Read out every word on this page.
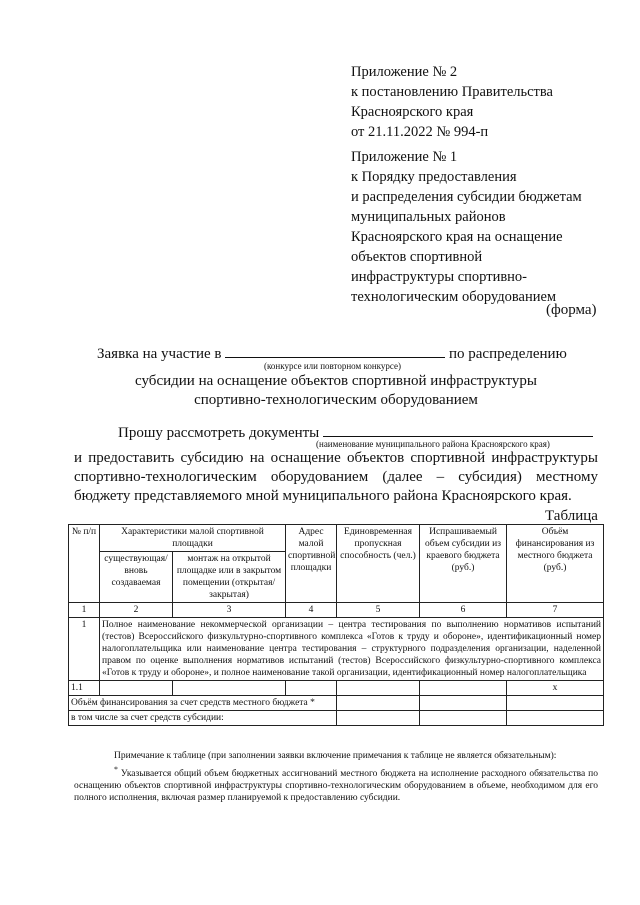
Приложение № 2
к постановлению Правительства
Красноярского края
от 21.11.2022 № 994-п
Приложение № 1
к Порядку предоставления
и распределения субсидии бюджетам
муниципальных районов
Красноярского края на оснащение
объектов спортивной
инфраструктуры спортивно-
технологическим оборудованием
(форма)
Заявка на участие в	по распределению
(конкурсе или повторном конкурсе)
субсидии на оснащение объектов спортивной инфраструктуры
спортивно-технологическим оборудованием
Прошу рассмотреть документы
(наименование муниципального района Красноярского края)
и предоставить субсидию на оснащение объектов спортивной инфраструктуры
спортивно-технологическим оборудованием (далее – субсидия) местному
бюджету представляемого мной муниципального района Красноярского края.
Таблица
№ п/п	Характеристики малой спортивной площадки		Адрес малой спортивной площадки	Единовременная пропускная способность (чел.)	Испрашиваемый объем субсидии из краевого бюджета (руб.)	Объём финансирования из местного бюджета (руб.)
	существующая/ вновь создаваемая	монтаж на открытой площадке или в закрытом помещении (открытая/закрытая)				
1	2	3	4	5	6	7
1	Полное наименование некоммерческой организации – центра тестирования по выполнению нормативов испытаний (тестов) Всероссийского физкультурно-спортивного комплекса «Готов к труду и обороне», идентификационный номер налогоплательщика или наименование центра тестирования – структурного подразделения организации, наделенной правом по оценке выполнения нормативов испытаний (тестов) Всероссийского физкультурно-спортивного комплекса «Готов к труду и обороне», и полное наименование такой организации, идентификационный номер налогоплательщика					
1.1						х
Объём финансирования за счет средств местного бюджета *						
в том числе за счет средств субсидии:						

Примечание к таблице (при заполнении заявки включение примечания к таблице не является обязательным):

* Указывается общий объем бюджетных ассигнований местного бюджета на исполнение расходного обязательства по оснащению объектов спортивной инфраструктуры спортивно-технологическим оборудованием в объеме, необходимом для его полного исполнения, включая размер планируемой к предоставлению субсидии.
